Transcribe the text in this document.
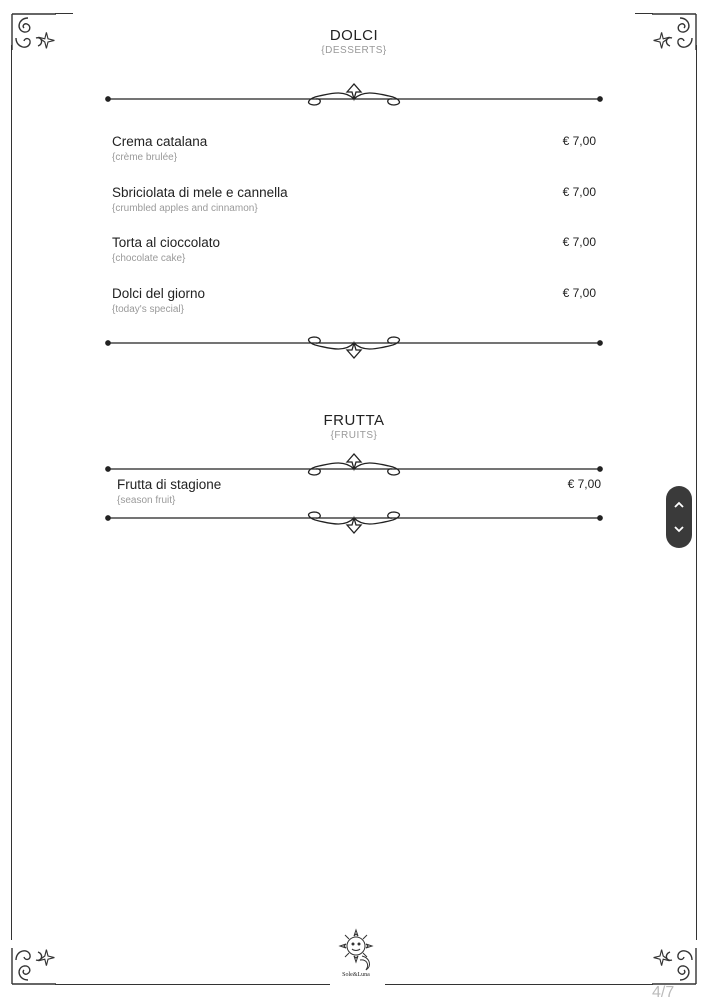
DOLCI
{DESSERTS}
Crema catalana
{crème brulée}
€ 7,00
Sbriciolata di mele e cannella
{crumbled apples and cinnamon}
€ 7,00
Torta al cioccolato
{chocolate cake}
€ 7,00
Dolci del giorno
{today's special}
€ 7,00
FRUTTA
{FRUITS}
Frutta di stagione
{season fruit}
€ 7,00
Sole&Luna
4/7
